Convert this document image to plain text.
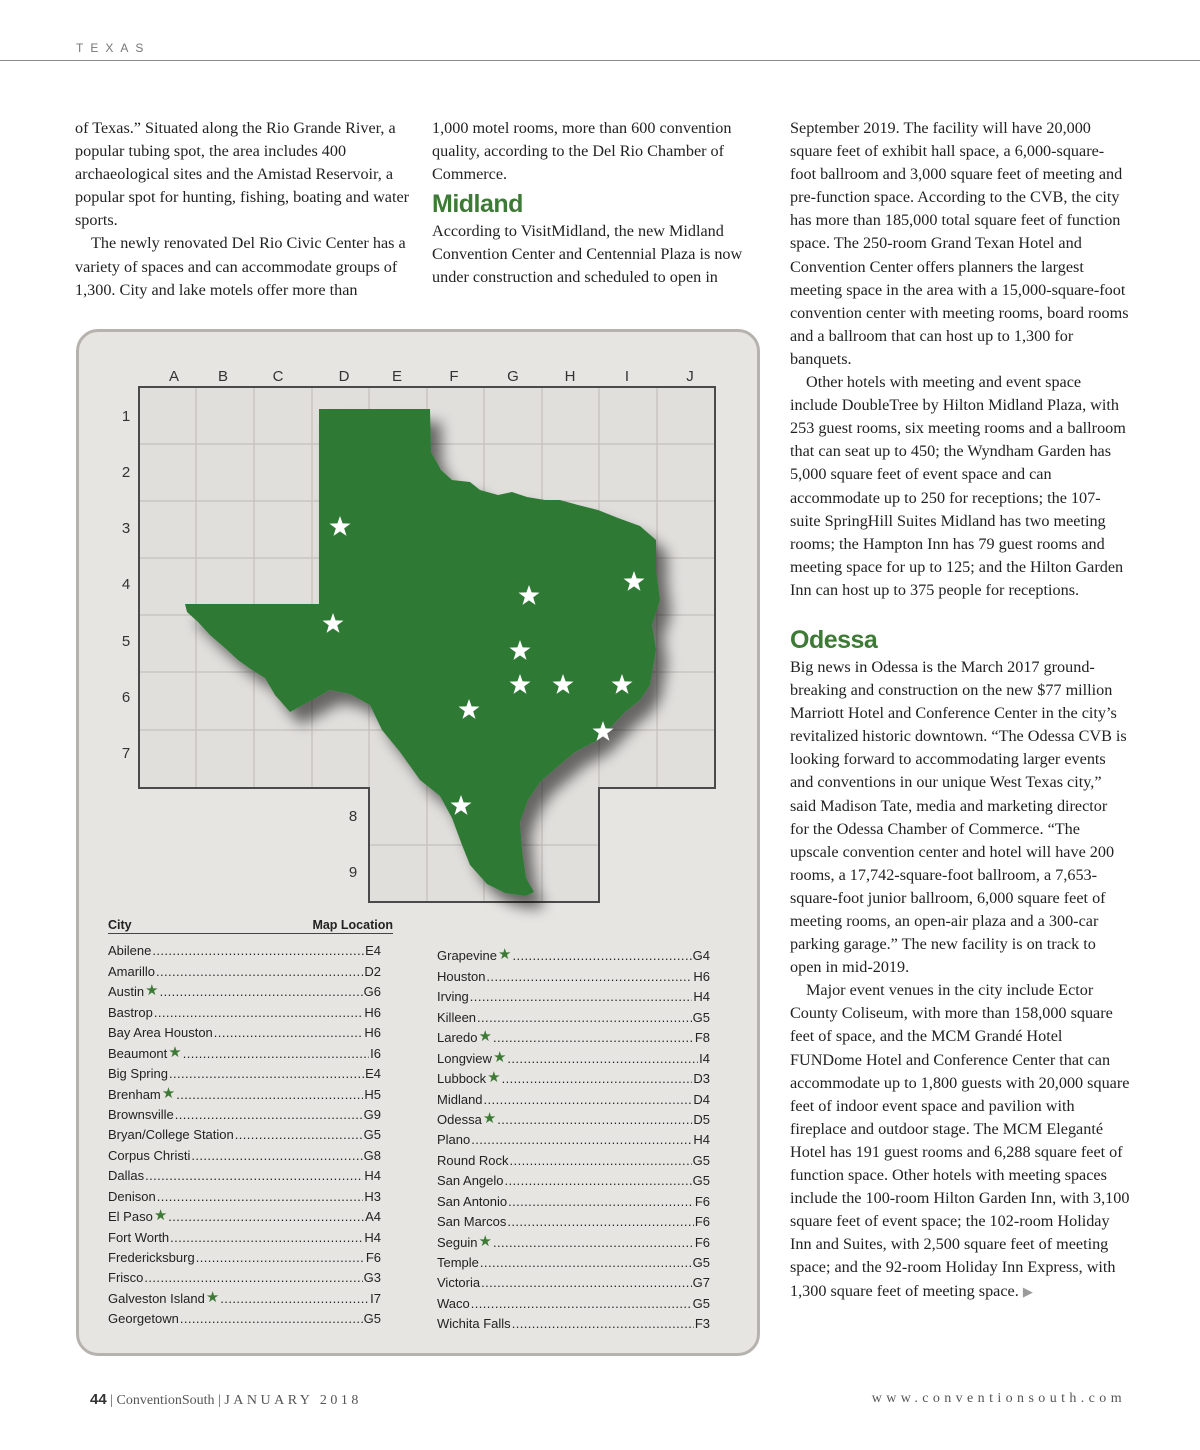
TEXAS

of Texas.” Situated along the Rio Grande River, a popular tubing spot, the area includes 400 archaeological sites and the Amistad Reservoir, a popular spot for hunting, fishing, boating and water sports.

The newly renovated Del Rio Civic Center has a variety of spaces and can accommodate groups of 1,300. City and lake motels offer more than

1,000 motel rooms, more than 600 convention quality, according to the Del Rio Chamber of Commerce.

Midland

According to VisitMidland, the new Midland Convention Center and Centennial Plaza is now under construction and scheduled to open in

September 2019. The facility will have 20,000 square feet of exhibit hall space, a 6,000-square-foot ballroom and 3,000 square feet of meeting and pre-function space. According to the CVB, the city has more than 185,000 total square feet of function space. The 250-room Grand Texan Hotel and Convention Center offers planners the largest meeting space in the area with a 15,000-square-foot convention center with meeting rooms, board rooms and a ballroom that can host up to 1,300 for banquets.

Other hotels with meeting and event space include DoubleTree by Hilton Midland Plaza, with 253 guest rooms, six meeting rooms and a ballroom that can seat up to 450; the Wyndham Garden has 5,000 square feet of event space and can accommodate up to 250 for receptions; the 107-suite SpringHill Suites Midland has two meeting rooms; the Hampton Inn has 79 guest rooms and meeting space for up to 125; and the Hilton Garden Inn can host up to 375 people for receptions.

Odessa

Big news in Odessa is the March 2017 ground-breaking and construction on the new $77 million Marriott Hotel and Conference Center in the city’s revitalized historic downtown. “The Odessa CVB is looking forward to accommodating larger events and conventions in our unique West Texas city,” said Madison Tate, media and marketing director for the Odessa Chamber of Commerce. “The upscale convention center and hotel will have 200 rooms, a 17,742-square-foot ballroom, a 7,653-square-foot junior ballroom, 6,000 square feet of meeting rooms, an open-air plaza and a 300-car parking garage.” The new facility is on track to open in mid-2019.

Major event venues in the city include Ector County Coliseum, with more than 158,000 square feet of space, and the MCM Grandé Hotel FUNDome Hotel and Conference Center that can accommodate up to 1,800 guests with 20,000 square feet of indoor event space and pavilion with fireplace and outdoor stage. The MCM Eleganté Hotel has 191 guest rooms and 6,288 square feet of function space. Other hotels with meeting spaces include the 100-room Hilton Garden Inn, with 3,100 square feet of event space; the 102-room Holiday Inn and Suites, with 2,500 square feet of meeting space; and the 92-room Holiday Inn Express, with 1,300 square feet of meeting space. ▶

A	B	C	D	E	F	G	H	I	J
1
2
3
4
5
6
7
8
9
City	Map Location
Abilene .....	E4
Amarillo .....	D2
Austin ★ .....	G6
Bastrop .....	H6
Bay Area Houston .....	H6
Beaumont ★ .....	I6
Big Spring .....	E4
Brenham ★ .....	H5
Brownsville .....	G9
Bryan/College Station .....	G5
Corpus Christi .....	G8
Dallas .....	H4
Denison .....	H3
El Paso ★ .....	A4
Fort Worth .....	H4
Fredericksburg .....	F6
Frisco .....	G3
Galveston Island ★ .....	I7
Georgetown .....	G5
Grapevine ★ .....	G4
Houston .....	H6
Irving .....	H4
Killeen .....	G5
Laredo ★ .....	F8
Longview ★ .....	I4
Lubbock ★ .....	D3
Midland .....	D4
Odessa ★ .....	D5
Plano .....	H4
Round Rock .....	G5
San Angelo .....	G5
San Antonio .....	F6
San Marcos .....	F6
Seguin ★ .....	F6
Temple .....	G5
Victoria .....	G7
Waco .....	G5
Wichita Falls .....	F3
44 | ConventionSouth | JANUARY 2018	www.conventionsouth.com
